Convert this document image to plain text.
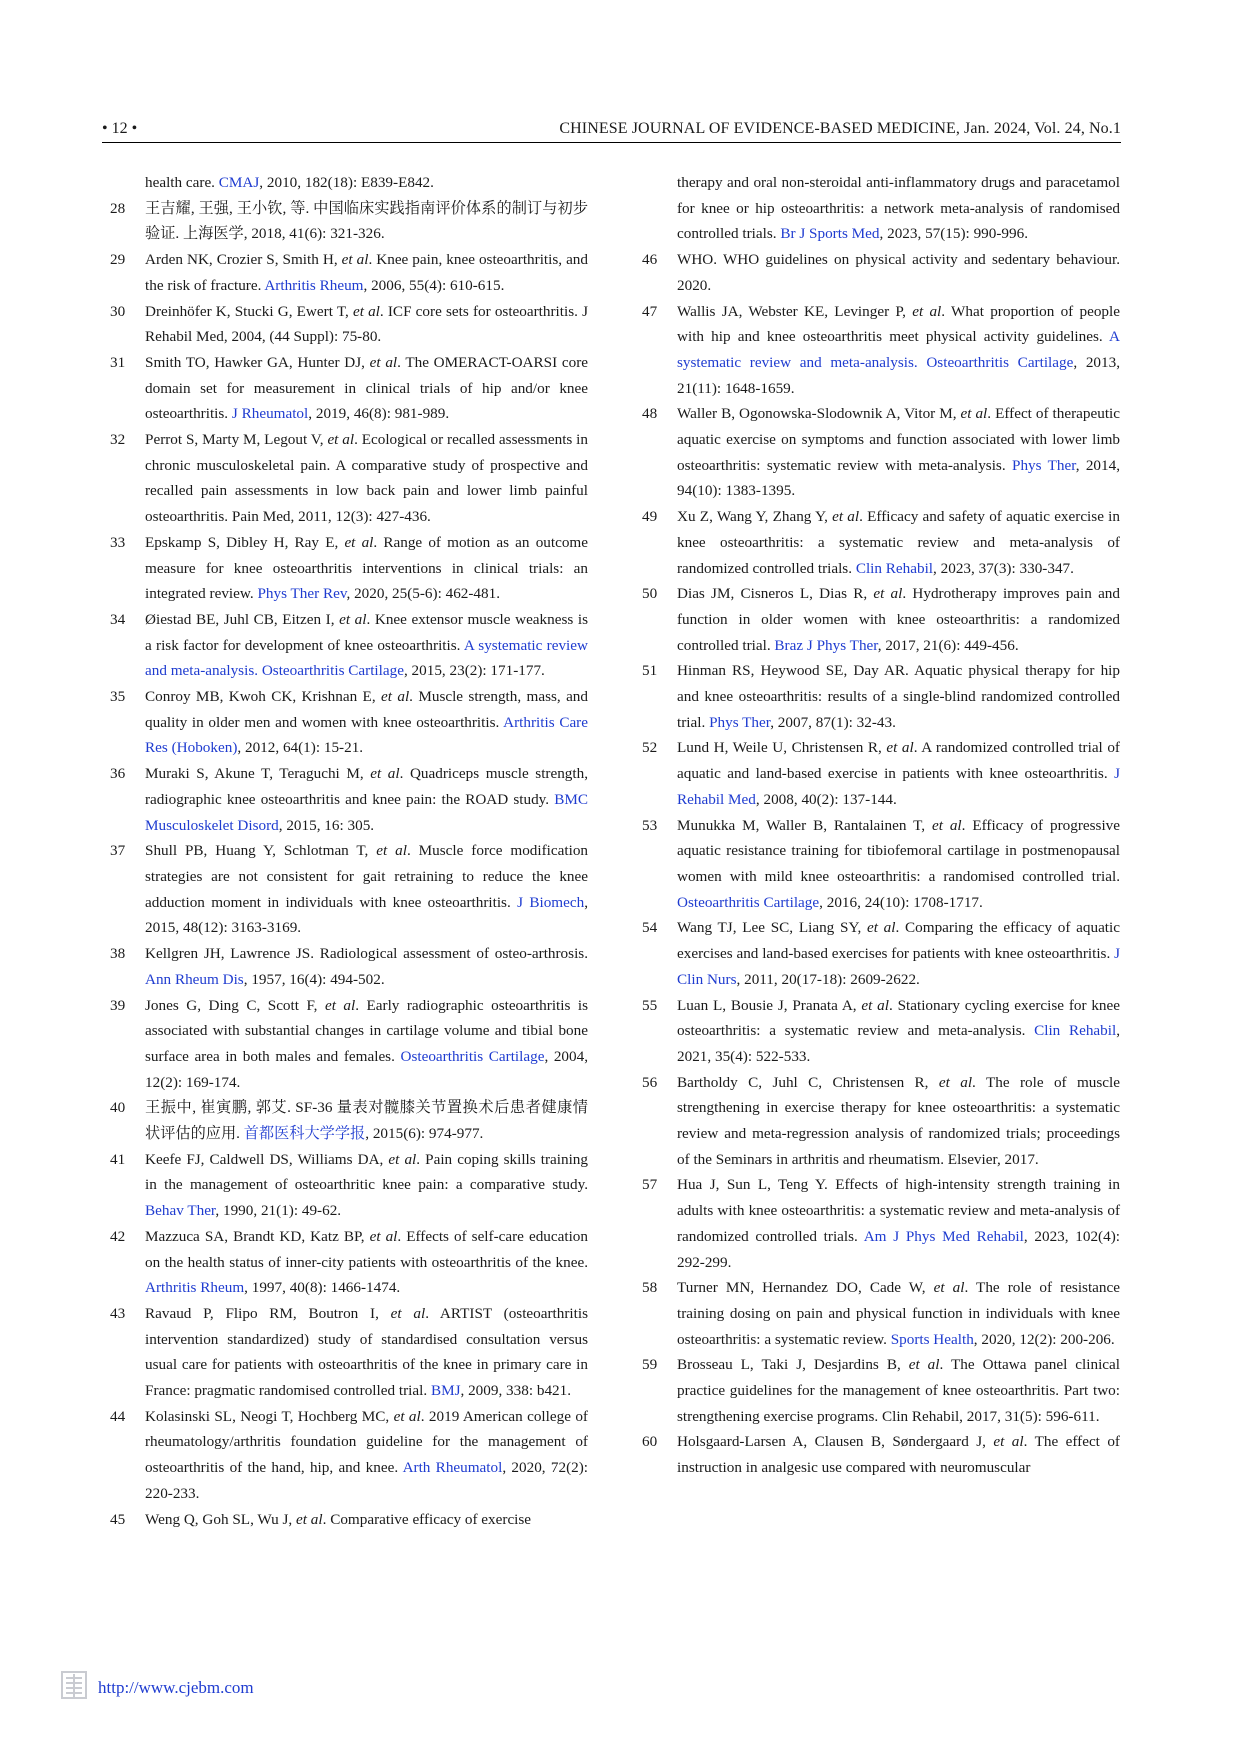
• 12 •	CHINESE JOURNAL OF EVIDENCE-BASED MEDICINE, Jan. 2024, Vol. 24, No.1
health care. CMAJ, 2010, 182(18): E839-E842.
28 王吉耀, 王强, 王小钦, 等. 中国临床实践指南评价体系的制订与初步验证. 上海医学, 2018, 41(6): 321-326.
29 Arden NK, Crozier S, Smith H, et al. Knee pain, knee osteoarthritis, and the risk of fracture. Arthritis Rheum, 2006, 55(4): 610-615.
30 Dreinhöfer K, Stucki G, Ewert T, et al. ICF core sets for osteoarthritis. J Rehabil Med, 2004, (44 Suppl): 75-80.
31 Smith TO, Hawker GA, Hunter DJ, et al. The OMERACT-OARSI core domain set for measurement in clinical trials of hip and/or knee osteoarthritis. J Rheumatol, 2019, 46(8): 981-989.
32 Perrot S, Marty M, Legout V, et al. Ecological or recalled assessments in chronic musculoskeletal pain. A comparative study of prospective and recalled pain assessments in low back pain and lower limb painful osteoarthritis. Pain Med, 2011, 12(3): 427-436.
33 Epskamp S, Dibley H, Ray E, et al. Range of motion as an outcome measure for knee osteoarthritis interventions in clinical trials: an integrated review. Phys Ther Rev, 2020, 25(5-6): 462-481.
34 Øiestad BE, Juhl CB, Eitzen I, et al. Knee extensor muscle weakness is a risk factor for development of knee osteoarthritis. A systematic review and meta-analysis. Osteoarthritis Cartilage, 2015, 23(2): 171-177.
35 Conroy MB, Kwoh CK, Krishnan E, et al. Muscle strength, mass, and quality in older men and women with knee osteoarthritis. Arthritis Care Res (Hoboken), 2012, 64(1): 15-21.
36 Muraki S, Akune T, Teraguchi M, et al. Quadriceps muscle strength, radiographic knee osteoarthritis and knee pain: the ROAD study. BMC Musculoskelet Disord, 2015, 16: 305.
37 Shull PB, Huang Y, Schlotman T, et al. Muscle force modification strategies are not consistent for gait retraining to reduce the knee adduction moment in individuals with knee osteoarthritis. J Biomech, 2015, 48(12): 3163-3169.
38 Kellgren JH, Lawrence JS. Radiological assessment of osteo-arthrosis. Ann Rheum Dis, 1957, 16(4): 494-502.
39 Jones G, Ding C, Scott F, et al. Early radiographic osteoarthritis is associated with substantial changes in cartilage volume and tibial bone surface area in both males and females. Osteoarthritis Cartilage, 2004, 12(2): 169-174.
40 王振中, 崔寅鹏, 郭艾. SF-36 量表对髋膝关节置换术后患者健康情状评估的应用. 首都医科大学学报, 2015(6): 974-977.
41 Keefe FJ, Caldwell DS, Williams DA, et al. Pain coping skills training in the management of osteoarthritic knee pain: a comparative study. Behav Ther, 1990, 21(1): 49-62.
42 Mazzuca SA, Brandt KD, Katz BP, et al. Effects of self-care education on the health status of inner-city patients with osteoarthritis of the knee. Arthritis Rheum, 1997, 40(8): 1466-1474.
43 Ravaud P, Flipo RM, Boutron I, et al. ARTIST (osteoarthritis intervention standardized) study of standardised consultation versus usual care for patients with osteoarthritis of the knee in primary care in France: pragmatic randomised controlled trial. BMJ, 2009, 338: b421.
44 Kolasinski SL, Neogi T, Hochberg MC, et al. 2019 American college of rheumatology/arthritis foundation guideline for the management of osteoarthritis of the hand, hip, and knee. Arth Rheumatol, 2020, 72(2): 220-233.
45 Weng Q, Goh SL, Wu J, et al. Comparative efficacy of exercise
therapy and oral non-steroidal anti-inflammatory drugs and paracetamol for knee or hip osteoarthritis: a network meta-analysis of randomised controlled trials. Br J Sports Med, 2023, 57(15): 990-996.
46 WHO. WHO guidelines on physical activity and sedentary behaviour. 2020.
47 Wallis JA, Webster KE, Levinger P, et al. What proportion of people with hip and knee osteoarthritis meet physical activity guidelines. A systematic review and meta-analysis. Osteoarthritis Cartilage, 2013, 21(11): 1648-1659.
48 Waller B, Ogonowska-Slodownik A, Vitor M, et al. Effect of therapeutic aquatic exercise on symptoms and function associated with lower limb osteoarthritis: systematic review with meta-analysis. Phys Ther, 2014, 94(10): 1383-1395.
49 Xu Z, Wang Y, Zhang Y, et al. Efficacy and safety of aquatic exercise in knee osteoarthritis: a systematic review and meta-analysis of randomized controlled trials. Clin Rehabil, 2023, 37(3): 330-347.
50 Dias JM, Cisneros L, Dias R, et al. Hydrotherapy improves pain and function in older women with knee osteoarthritis: a randomized controlled trial. Braz J Phys Ther, 2017, 21(6): 449-456.
51 Hinman RS, Heywood SE, Day AR. Aquatic physical therapy for hip and knee osteoarthritis: results of a single-blind randomized controlled trial. Phys Ther, 2007, 87(1): 32-43.
52 Lund H, Weile U, Christensen R, et al. A randomized controlled trial of aquatic and land-based exercise in patients with knee osteoarthritis. J Rehabil Med, 2008, 40(2): 137-144.
53 Munukka M, Waller B, Rantalainen T, et al. Efficacy of progressive aquatic resistance training for tibiofemoral cartilage in postmenopausal women with mild knee osteoarthritis: a randomised controlled trial. Osteoarthritis Cartilage, 2016, 24(10): 1708-1717.
54 Wang TJ, Lee SC, Liang SY, et al. Comparing the efficacy of aquatic exercises and land-based exercises for patients with knee osteoarthritis. J Clin Nurs, 2011, 20(17-18): 2609-2622.
55 Luan L, Bousie J, Pranata A, et al. Stationary cycling exercise for knee osteoarthritis: a systematic review and meta-analysis. Clin Rehabil, 2021, 35(4): 522-533.
56 Bartholdy C, Juhl C, Christensen R, et al. The role of muscle strengthening in exercise therapy for knee osteoarthritis: a systematic review and meta-regression analysis of randomized trials; proceedings of the Seminars in arthritis and rheumatism. Elsevier, 2017.
57 Hua J, Sun L, Teng Y. Effects of high-intensity strength training in adults with knee osteoarthritis: a systematic review and meta-analysis of randomized controlled trials. Am J Phys Med Rehabil, 2023, 102(4): 292-299.
58 Turner MN, Hernandez DO, Cade W, et al. The role of resistance training dosing on pain and physical function in individuals with knee osteoarthritis: a systematic review. Sports Health, 2020, 12(2): 200-206.
59 Brosseau L, Taki J, Desjardins B, et al. The Ottawa panel clinical practice guidelines for the management of knee osteoarthritis. Part two: strengthening exercise programs. Clin Rehabil, 2017, 31(5): 596-611.
60 Holsgaard-Larsen A, Clausen B, Søndergaard J, et al. The effect of instruction in analgesic use compared with neuromuscular
http://www.cjebm.com
